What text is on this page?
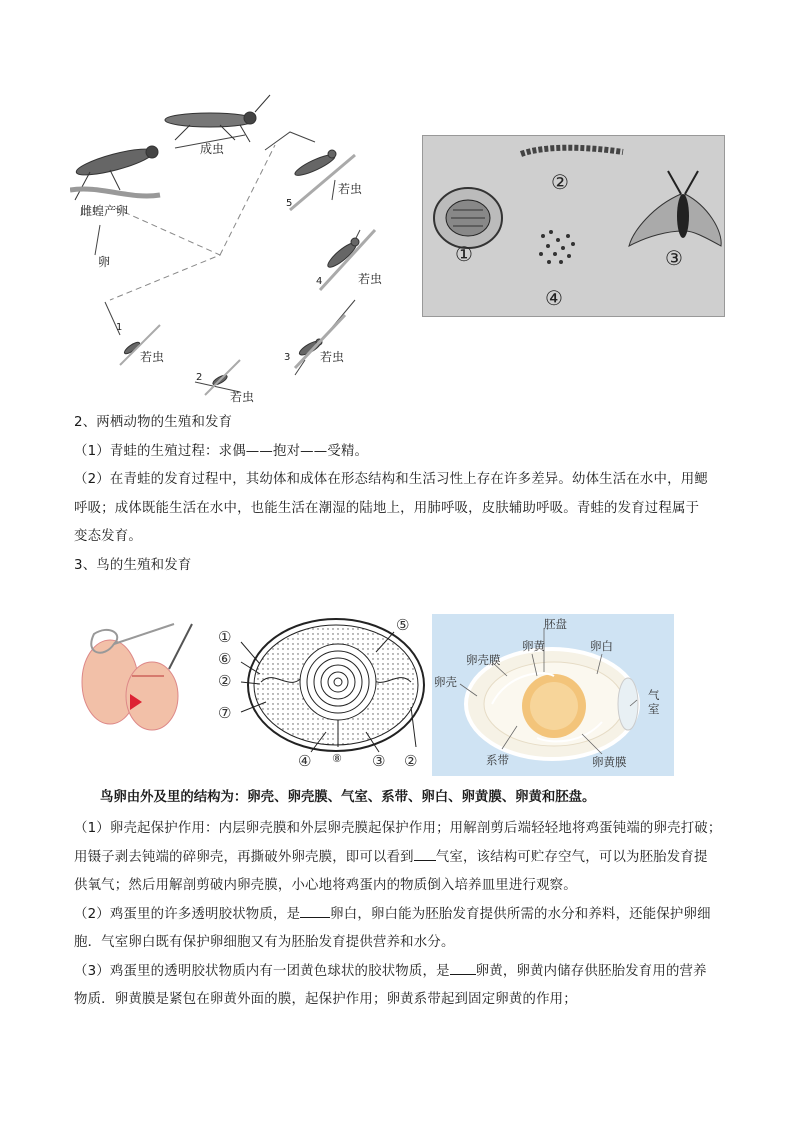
成虫
雌蝗产卵
卵
若虫
若虫
若虫
若虫
若虫
5
4
3
2
1
①
②
③
④
2、两栖动物的生殖和发育
（1）青蛙的生殖过程：求偶——抱对——受精。
（2）在青蛙的发育过程中，其幼体和成体在形态结构和生活习性上存在许多差异。幼体生活在水中，用鳃
呼吸；成体既能生活在水中，也能生活在潮湿的陆地上，用肺呼吸，皮肤辅助呼吸。青蛙的发育过程属于
变态发育。
3、鸟的生殖和发育
①
⑥
②
⑦
⑤
④ ⑧ ③ ②
胚盘
卵黄	卵白
卵壳膜
卵壳
气室
系带	卵黄膜
鸟卵由外及里的结构为：卵壳、卵壳膜、气室、系带、卵白、卵黄膜、卵黄和胚盘。
（1）卵壳起保护作用：内层卵壳膜和外层卵壳膜起保护作用；用解剖剪后端轻轻地将鸡蛋钝端的卵壳打破；
用镊子剥去钝端的碎卵壳，再撕破外卵壳膜，即可以看到 气室，该结构可贮存空气，可以为胚胎发育提
供氧气；然后用解剖剪破内卵壳膜，小心地将鸡蛋内的物质倒入培养皿里进行观察。
（2）鸡蛋里的许多透明胶状物质，是 卵白，卵白能为胚胎发育提供所需的水分和养料，还能保护卵细
胞．气室卵白既有保护卵细胞又有为胚胎发育提供营养和水分。
（3）鸡蛋里的透明胶状物质内有一团黄色球状的胶状物质，是 卵黄，卵黄内储存供胚胎发育用的营养
物质．卵黄膜是紧包在卵黄外面的膜，起保护作用；卵黄系带起到固定卵黄的作用；
